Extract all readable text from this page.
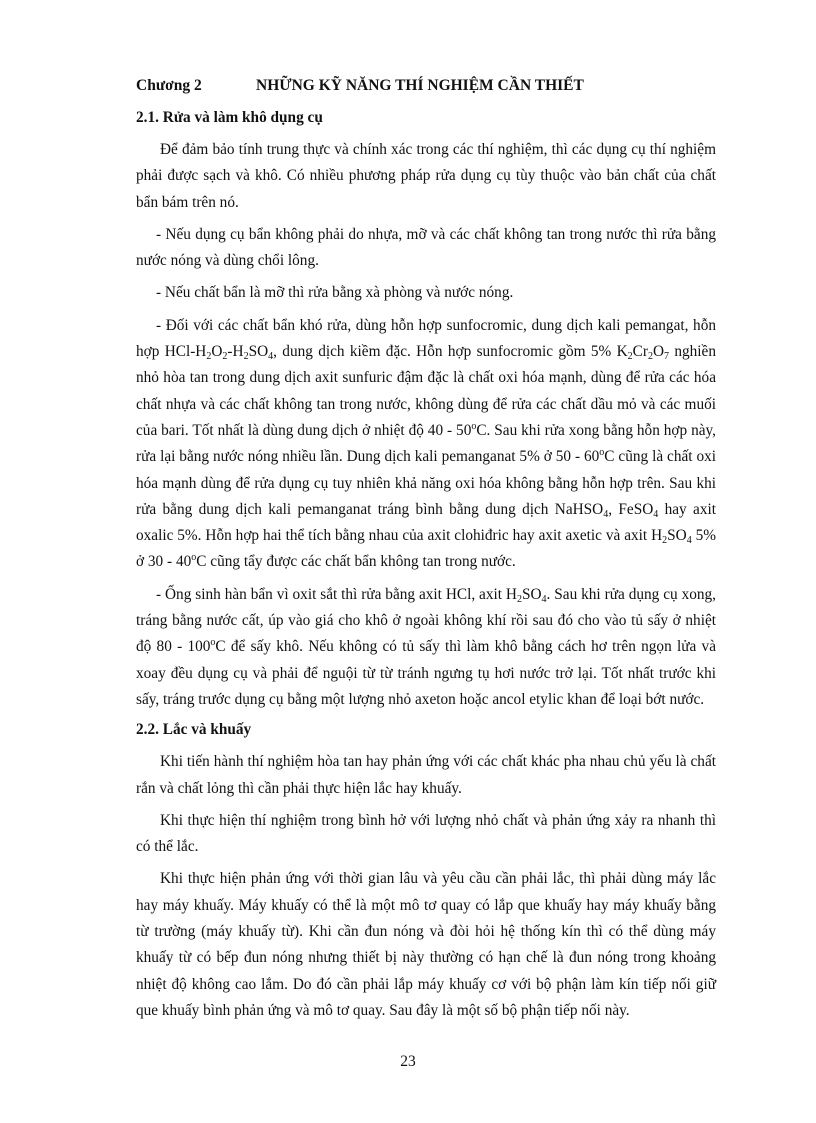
Chương 2	NHỮNG KỸ NĂNG THÍ NGHIỆM CẦN THIẾT
2.1. Rửa và làm khô dụng cụ

Để đảm bảo tính trung thực và chính xác trong các thí nghiệm, thì các dụng cụ thí nghiệm phải được sạch và khô. Có nhiều phương pháp rửa dụng cụ tùy thuộc vào bản chất của chất bẩn bám trên nó.

- Nếu dụng cụ bẩn không phải do nhựa, mỡ và các chất không tan trong nước thì rửa bằng nước nóng và dùng chổi lông.

- Nếu chất bẩn là mỡ thì rửa bằng xà phòng và nước nóng.

- Đối với các chất bẩn khó rửa, dùng hỗn hợp sunfocromic, dung dịch kali pemangat, hỗn hợp HCl-$H_2O_2-H_2SO_4$, dung dịch kiềm đặc. Hỗn hợp sunfocromic gồm 5% $K_2Cr_2O_7$ nghiền nhỏ hòa tan trong dung dịch axit sunfuric đậm đặc là chất oxi hóa mạnh, dùng để rửa các hóa chất nhựa và các chất không tan trong nước, không dùng để rửa các chất dầu mỏ và các muối của bari. Tốt nhất là dùng dung dịch ở nhiệt độ 40 - 50$^o$C. Sau khi rửa xong bằng hỗn hợp này, rửa lại bằng nước nóng nhiều lần. Dung dịch kali pemanganat 5% ở 50 - 60$^o$C cũng là chất oxi hóa mạnh dùng để rửa dụng cụ tuy nhiên khả năng oxi hóa không bằng hỗn hợp trên. Sau khi rửa bằng dung dịch kali pemanganat tráng bình bằng dung dịch NaHSO$_4$, FeSO$_4$ hay axit oxalic 5%. Hỗn hợp hai thể tích bằng nhau của axit clohiđric hay axit axetic và axit $H_2SO_4$ 5% ở 30 - 40$^o$C cũng tẩy được các chất bẩn không tan trong nước.

- Ống sinh hàn bẩn vì oxit sắt thì rửa bằng axit HCl, axit $H_2SO_4$. Sau khi rửa dụng cụ xong, tráng bằng nước cất, úp vào giá cho khô ở ngoài không khí rồi sau đó cho vào tủ sấy ở nhiệt độ 80 - 100$^o$C để sấy khô. Nếu không có tủ sấy thì làm khô bằng cách hơ trên ngọn lửa và xoay đều dụng cụ và phải để nguội từ từ tránh ngưng tụ hơi nước trở lại. Tốt nhất trước khi sấy, tráng trước dụng cụ bằng một lượng nhỏ axeton hoặc ancol etylic khan để loại bớt nước.

2.2. Lắc và khuấy

Khi tiến hành thí nghiệm hòa tan hay phản ứng với các chất khác pha nhau chủ yếu là chất rắn và chất lỏng thì cần phải thực hiện lắc hay khuấy.

Khi thực hiện thí nghiệm trong bình hở với lượng nhỏ chất và phản ứng xảy ra nhanh thì có thể lắc.

Khi thực hiện phản ứng với thời gian lâu và yêu cầu cần phải lắc, thì phải dùng máy lắc hay máy khuấy. Máy khuấy có thể là một mô tơ quay có lắp que khuấy hay máy khuấy bằng từ trường (máy khuấy từ). Khi cần đun nóng và đòi hỏi hệ thống kín thì có thể dùng máy khuấy từ có bếp đun nóng nhưng thiết bị này thường có hạn chế là đun nóng trong khoảng nhiệt độ không cao lắm. Do đó cần phải lắp máy khuấy cơ với bộ phận làm kín tiếp nối giữ que khuấy bình phản ứng và mô tơ quay. Sau đây là một số bộ phận tiếp nối này.

23
